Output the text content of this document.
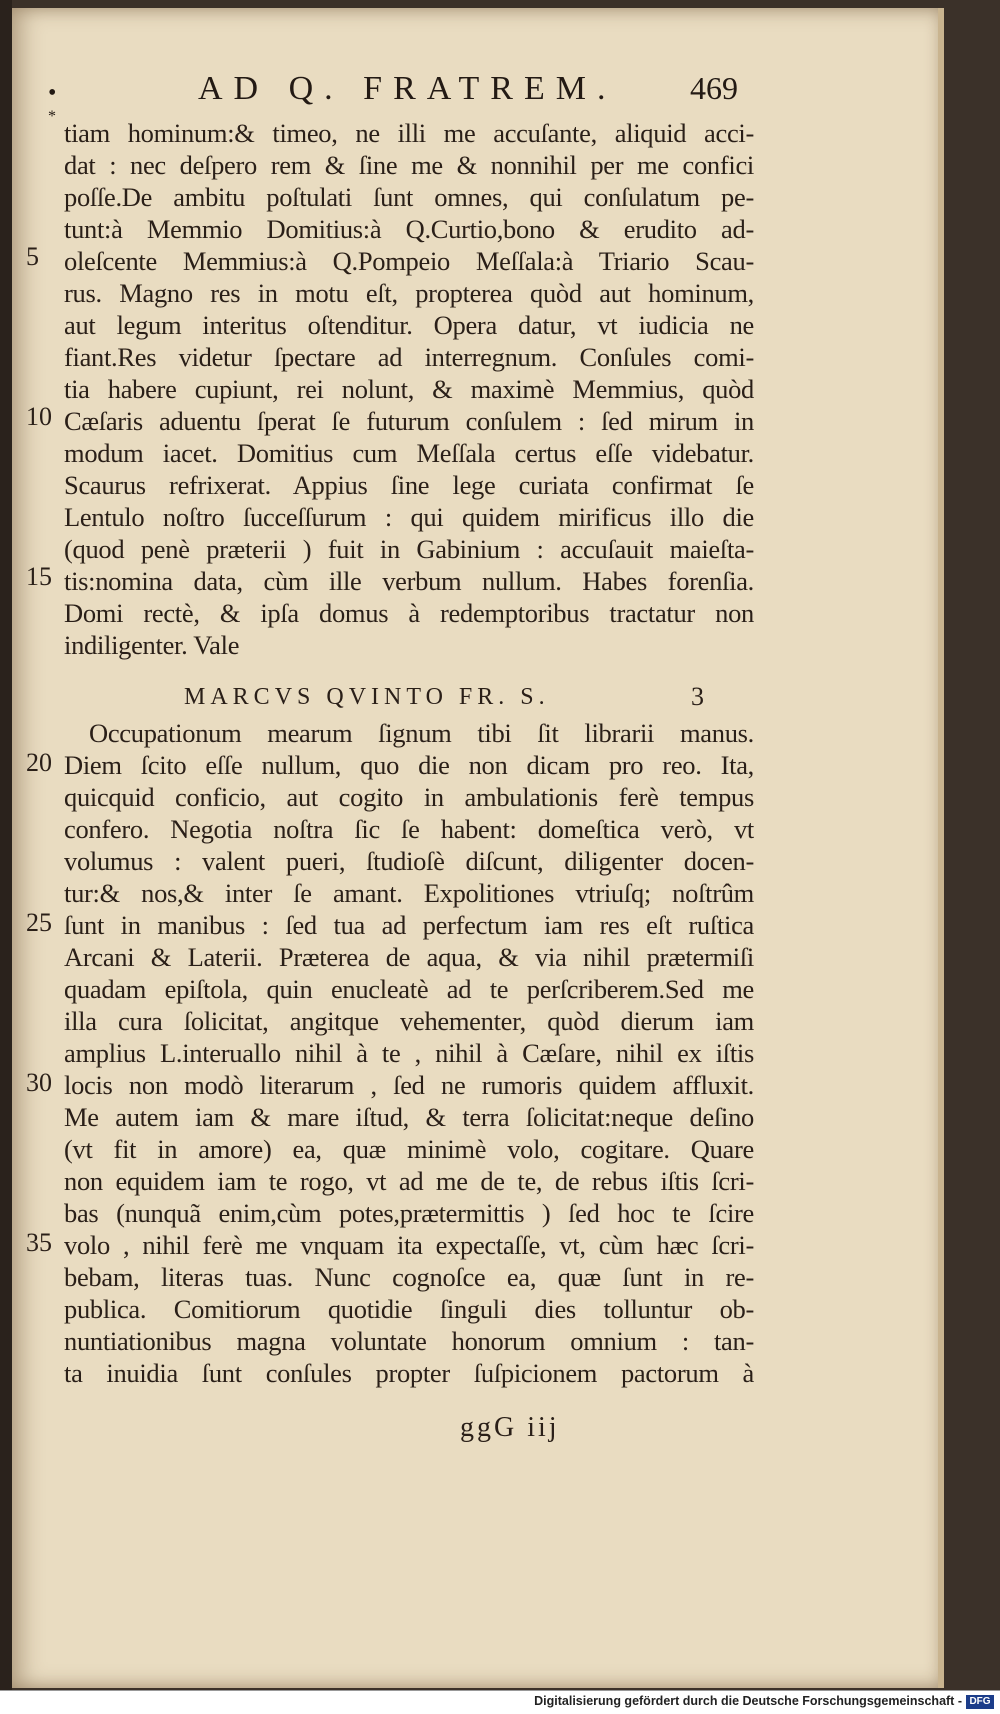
•
*
AD Q. FRATREM. 469
tiam hominum:& timeo, ne illi me accuſante, aliquid acci-
dat : nec deſpero rem & ſine me & nonnihil per me confici
poſſe.De ambitu poſtulati ſunt omnes, qui conſulatum pe-
tunt:à Memmio Domitius:à Q.Curtio,bono & erudito ad-
oleſcente Memmius:à Q.Pompeio Meſſala:à Triario Scau-
rus. Magno res in motu eſt, propterea quòd aut hominum,
aut legum interitus oſtenditur. Opera datur, vt iudicia ne
fiant.Res videtur ſpectare ad interregnum. Conſules comi-
tia habere cupiunt, rei nolunt, & maximè Memmius, quòd
Cæſaris aduentu ſperat ſe futurum conſulem : ſed mirum in
modum iacet. Domitius cum Meſſala certus eſſe videbatur.
Scaurus refrixerat. Appius ſine lege curiata confirmat ſe
Lentulo noſtro ſucceſſurum : qui quidem mirificus illo die
(quod penè præterii ) fuit in Gabinium : accuſauit maieſta-
tis:nomina data, cùm ille verbum nullum. Habes forenſia.
Domi rectè, & ipſa domus à redemptoribus tractatur non
indiligenter. Vale
Occupationum mearum ſignum tibi ſit librarii manus.
Diem ſcito eſſe nullum, quo die non dicam pro reo. Ita,
quicquid conficio, aut cogito in ambulationis ferè tempus
confero. Negotia noſtra ſic ſe habent: domeſtica verò, vt
volumus : valent pueri, ſtudioſè diſcunt, diligenter docen-
tur:& nos,& inter ſe amant. Expolitiones vtriuſq; noſtrûm
ſunt in manibus : ſed tua ad perfectum iam res eſt ruſtica
Arcani & Laterii. Præterea de aqua, & via nihil prætermiſi
quadam epiſtola, quin enucleatè ad te perſcriberem.Sed me
illa cura ſolicitat, angitque vehementer, quòd dierum iam
amplius L.interuallo nihil à te , nihil à Cæſare, nihil ex iſtis
locis non modò literarum , ſed ne rumoris quidem affluxit.
Me autem iam & mare iſtud, & terra ſolicitat:neque deſino
(vt fit in amore) ea, quæ minimè volo, cogitare. Quare
non equidem iam te rogo, vt ad me de te, de rebus iſtis ſcri-
bas (nunquã enim,cùm potes,prætermittis ) ſed hoc te ſcire
volo , nihil ferè me vnquam ita expectaſſe, vt, cùm hæc ſcri-
bebam, literas tuas. Nunc cognoſce ea, quæ ſunt in re-
publica. Comitiorum quotidie ſinguli dies tolluntur ob-
nuntiationibus magna voluntate honorum omnium : tan-
ta inuidia ſunt conſules propter ſuſpicionem pactorum à
MARCVS QVINTO FR. S.	3
5
10
15
20
25
30
35
ggG iij
Digitalisierung gefördert durch die Deutsche Forschungsgemeinschaft - DFG
